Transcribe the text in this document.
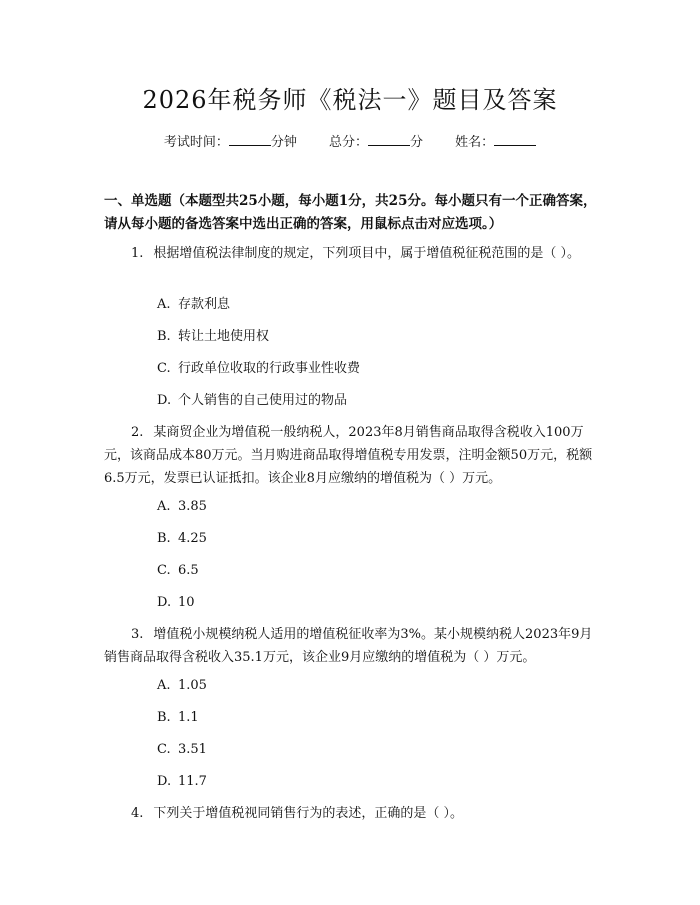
2026年税务师《税法一》题目及答案
考试时间：	分钟 总分：	分 姓名：

一、单选题（本题型共25小题，每小题1分，共25分。每小题只有一个正确答案，请从每小题的备选答案中选出正确的答案，用鼠标点击对应选项。）

1. 根据增值税法律制度的规定，下列项目中，属于增值税征税范围的是（ ）。
A. 存款利息
B. 转让土地使用权
C. 行政单位收取的行政事业性收费
D. 个人销售的自己使用过的物品
2. 某商贸企业为增值税一般纳税人，2023年8月销售商品取得含税收入100万元，该商品成本80万元。当月购进商品取得增值税专用发票，注明金额50万元，税额6.5万元，发票已认证抵扣。该企业8月应缴纳的增值税为（ ）万元。
A. 3.85
B. 4.25
C. 6.5
D. 10
3. 增值税小规模纳税人适用的增值税征收率为3%。某小规模纳税人2023年9月销售商品取得含税收入35.1万元，该企业9月应缴纳的增值税为（ ）万元。
A. 1.05
B. 1.1
C. 3.51
D. 11.7
4. 下列关于增值税视同销售行为的表述，正确的是（ ）。
